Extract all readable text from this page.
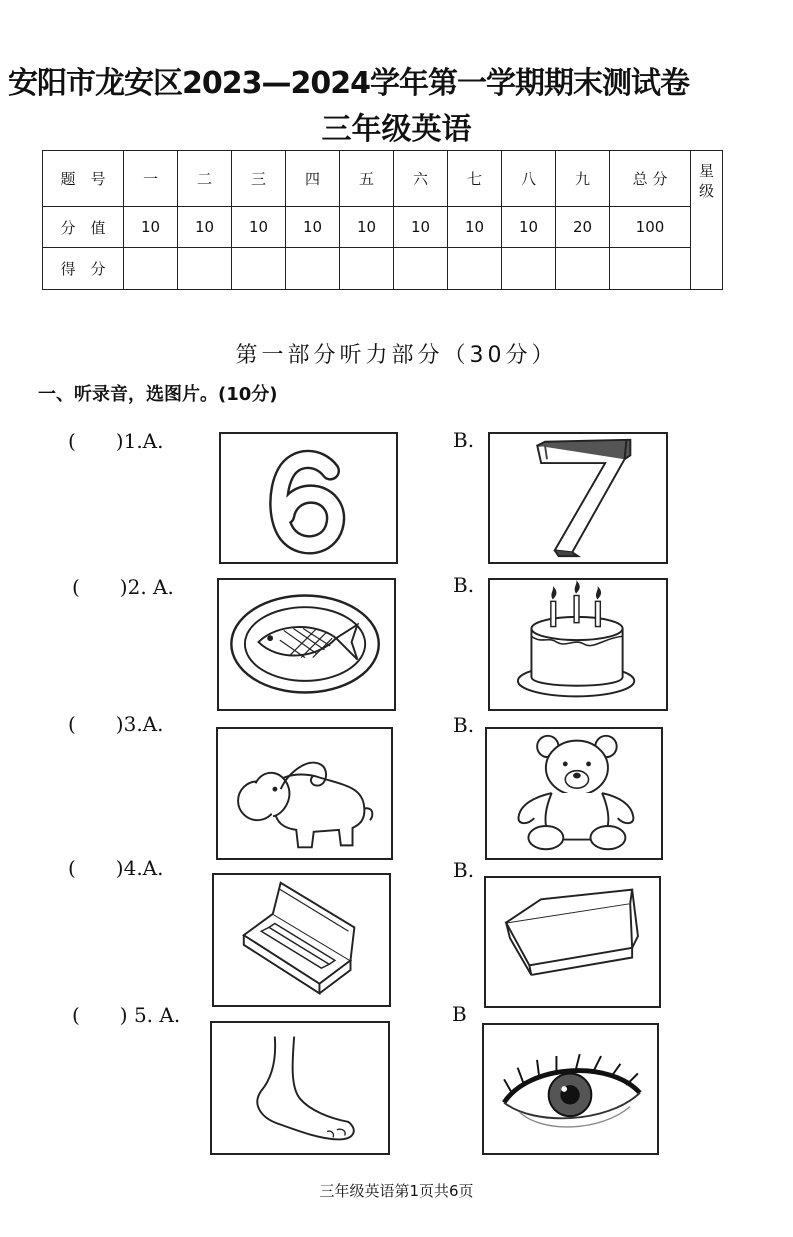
安阳市龙安区2023—2024学年第一学期期末测试卷
三年级英语
题　号	一	二	三	四	五	六	七	八	九	总 分	星级
分　值	10	10	10	10	10	10	10	10	20	100	
得　分											
第一部分听力部分（30分）
一、听录音，选图片。(10分)
(　　)1.A.	B.
(　　)2. A.	B.
(　　)3.A.	B.
(　　)4.A.	B.
(　　) 5. A.	B
三年级英语第1页共6页
